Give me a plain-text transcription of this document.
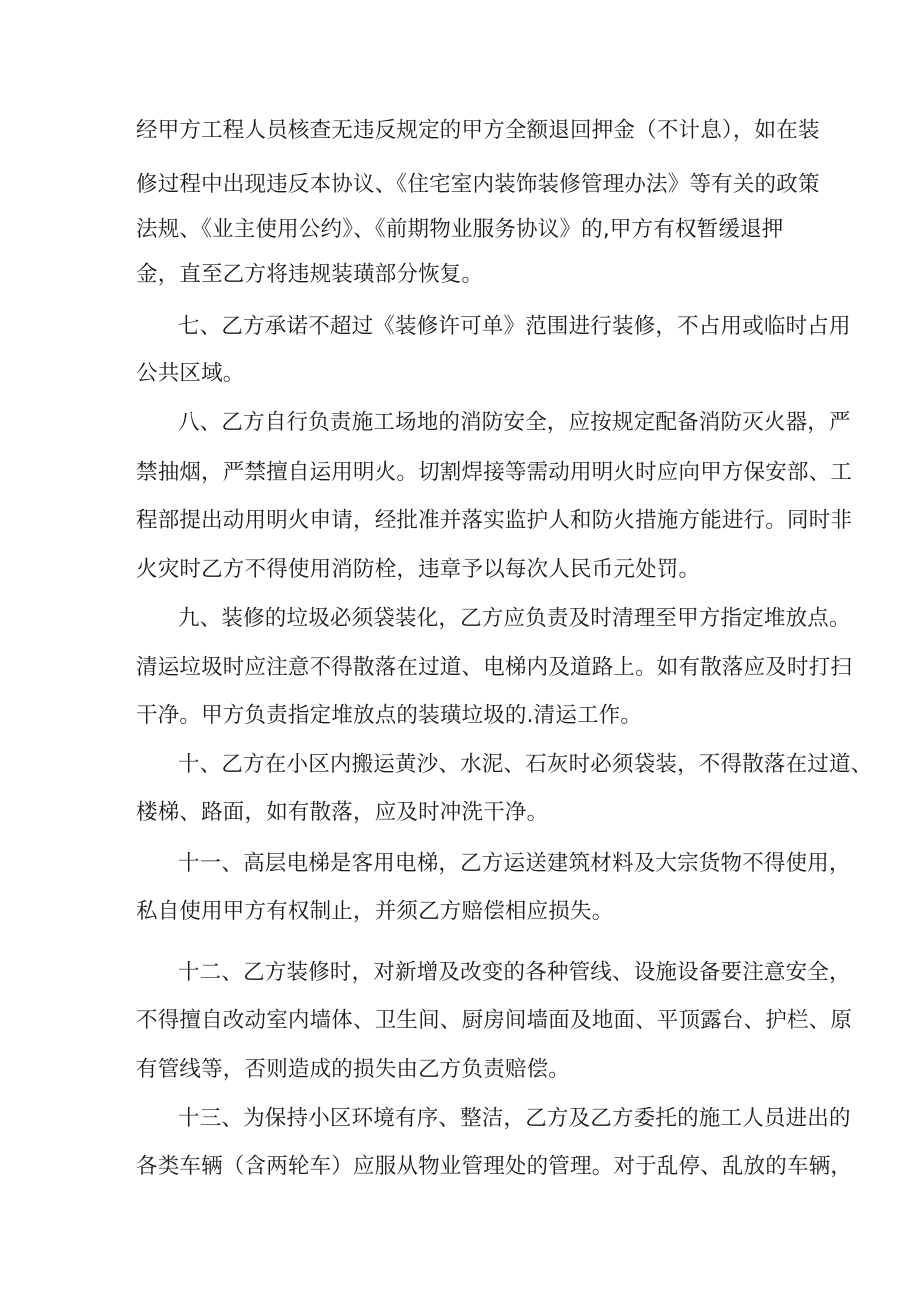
经甲方工程人员核查无违反规定的甲方全额退回押金（不计息），如在装
修过程中出现违反本协议、《住宅室内装饰装修管理办法》等有关的政策
法规、《业主使用公约》、《前期物业服务协议》的,甲方有权暂缓退押
金，直至乙方将违规装璜部分恢复。
七、乙方承诺不超过《装修许可单》范围进行装修，不占用或临时占用
公共区域。
八、乙方自行负责施工场地的消防安全，应按规定配备消防灭火器，严
禁抽烟，严禁擅自运用明火。切割焊接等需动用明火时应向甲方保安部、工
程部提出动用明火申请，经批准并落实监护人和防火措施方能进行。同时非
火灾时乙方不得使用消防栓，违章予以每次人民币元处罚。
九、装修的垃圾必须袋装化，乙方应负责及时清理至甲方指定堆放点。
清运垃圾时应注意不得散落在过道、电梯内及道路上。如有散落应及时打扫
干净。甲方负责指定堆放点的装璜垃圾的.清运工作。
十、乙方在小区内搬运黄沙、水泥、石灰时必须袋装，不得散落在过道、
楼梯、路面，如有散落，应及时冲洗干净。
十一、高层电梯是客用电梯，乙方运送建筑材料及大宗货物不得使用，
私自使用甲方有权制止，并须乙方赔偿相应损失。
十二、乙方装修时，对新增及改变的各种管线、设施设备要注意安全，
不得擅自改动室内墙体、卫生间、厨房间墙面及地面、平顶露台、护栏、原
有管线等，否则造成的损失由乙方负责赔偿。
十三、为保持小区环境有序、整洁，乙方及乙方委托的施工人员进出的
各类车辆（含两轮车）应服从物业管理处的管理。对于乱停、乱放的车辆，
